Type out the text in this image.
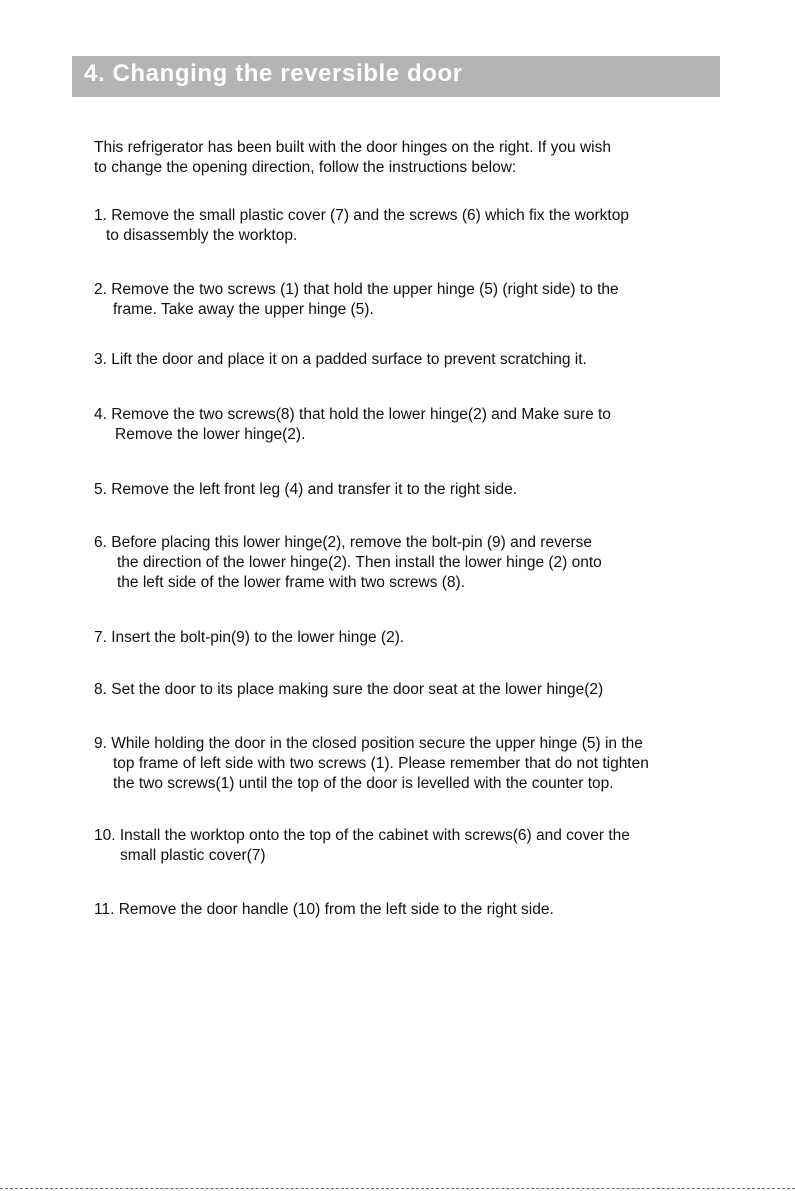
4. Changing the reversible door
This refrigerator has been built with the door hinges on the right. If you wish
to change the opening direction, follow the instructions below:
1. Remove the small plastic cover (7) and the screws (6) which fix the worktop
to disassembly the worktop.
2. Remove the two screws (1) that hold the upper hinge (5) (right side) to the
frame. Take away the upper hinge (5).
3. Lift the door and place it on a padded surface to prevent scratching it.
4. Remove the two screws(8) that hold the lower hinge(2) and Make sure to
Remove the lower hinge(2).
5. Remove the left front leg (4) and transfer it to the right side.
6. Before placing this lower hinge(2), remove the bolt-pin (9) and reverse
the direction of the lower hinge(2). Then install the lower hinge (2) onto
the left side of the lower frame with two screws (8).
7. Insert the bolt-pin(9) to the lower hinge (2).
8. Set the door to its place making sure the door seat at the lower hinge(2)
9. While holding the door in the closed position secure the upper hinge (5) in the
top frame of left side with two screws (1). Please remember that do not tighten
the two screws(1) until the top of the door is levelled with the counter top.
10. Install the worktop onto the top of the cabinet with screws(6) and cover the
small plastic cover(7)
11. Remove the door handle (10) from the left side to the right side.
